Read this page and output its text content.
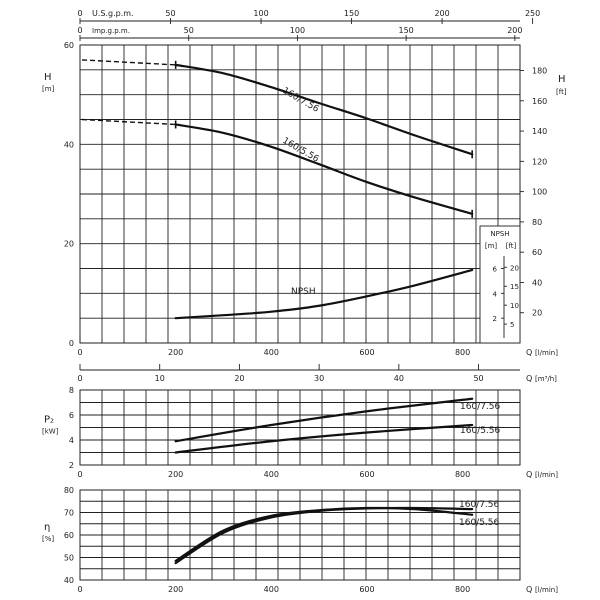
0	50	100	150	200	250
U.S.g.p.m.
0	50	100	150	200
Imp.g.p.m.
0
20
40
60
H
[m]
2
4
6
8
P₂
[kW]
40
50
60
70
80
η
[%]
20
40
60
80
100
120
140
160
180
H
[ft]
0	200	400	600	800	Q [l/min]
0	200	400	600	800	Q [l/min]
0	200	400	600	800	Q [l/min]
0	10	20	30	40	50	Q [m³/h]
160/7.56
160/5.56
NPSH
160/7.56
160/5.56
160/7.56
160/5.56
NPSH
[m] [ft]
2
4
6
5
10
15
20
